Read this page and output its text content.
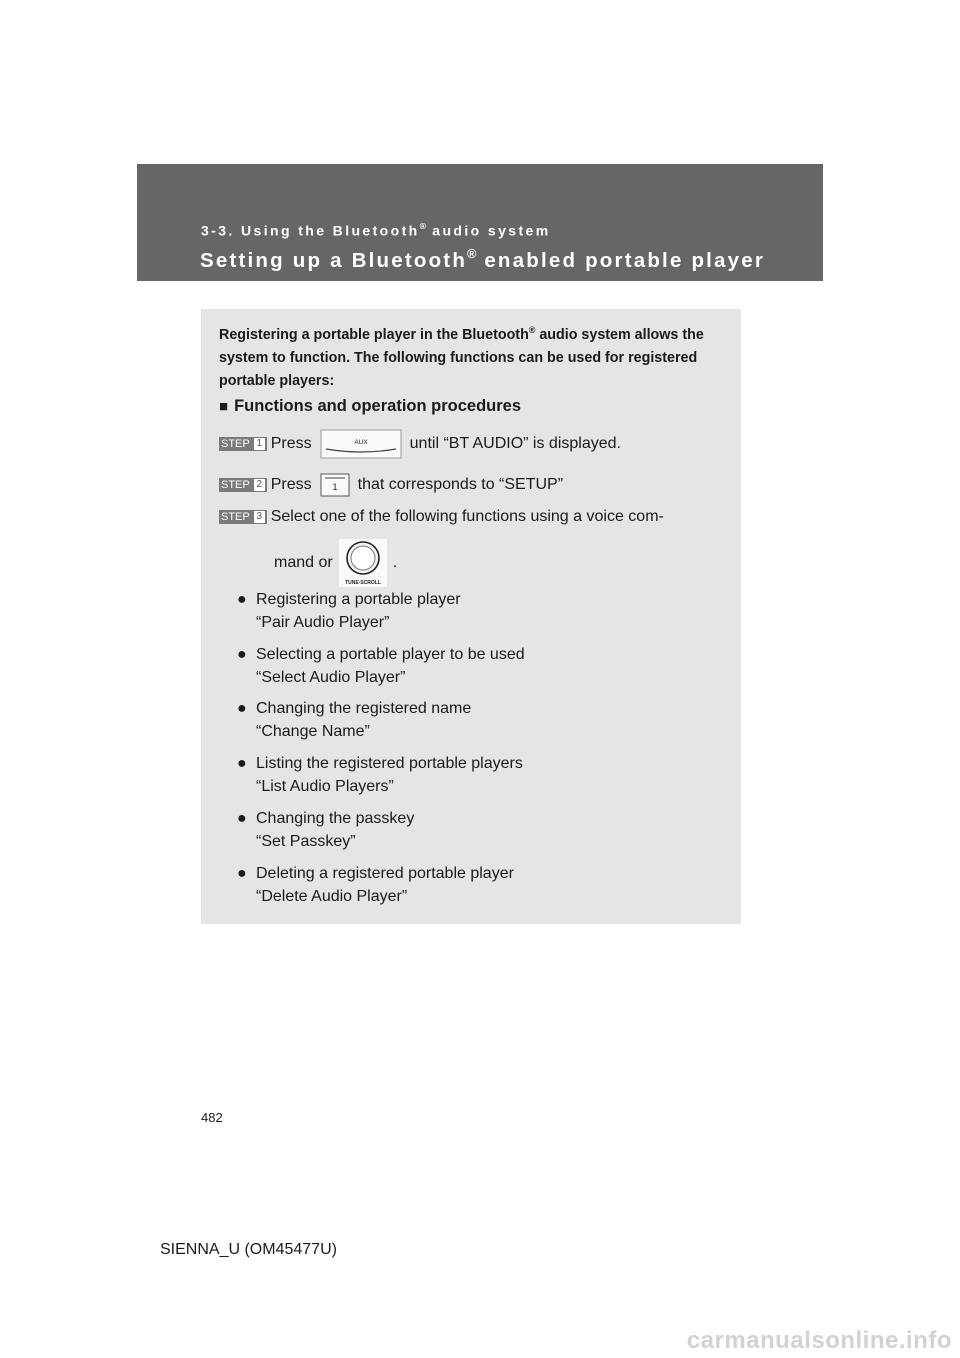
3-3. Using the Bluetooth® audio system
Setting up a Bluetooth® enabled portable player
Registering a portable player in the Bluetooth® audio system allows the system to function. The following functions can be used for registered portable players:
■ Functions and operation procedures
STEP 1 Press	AUX	until “BT AUDIO” is displayed.
STEP 2 Press 1 that corresponds to “SETUP”
STEP 3 Select one of the following functions using a voice com-
mand or
TUNE·SCROLL
.
● Registering a portable player
“Pair Audio Player”
● Selecting a portable player to be used
“Select Audio Player”
● Changing the registered name
“Change Name”
● Listing the registered portable players
“List Audio Players”
● Changing the passkey
“Set Passkey”
● Deleting a registered portable player
“Delete Audio Player”
482
SIENNA_U (OM45477U)
carmanualsonline.info
